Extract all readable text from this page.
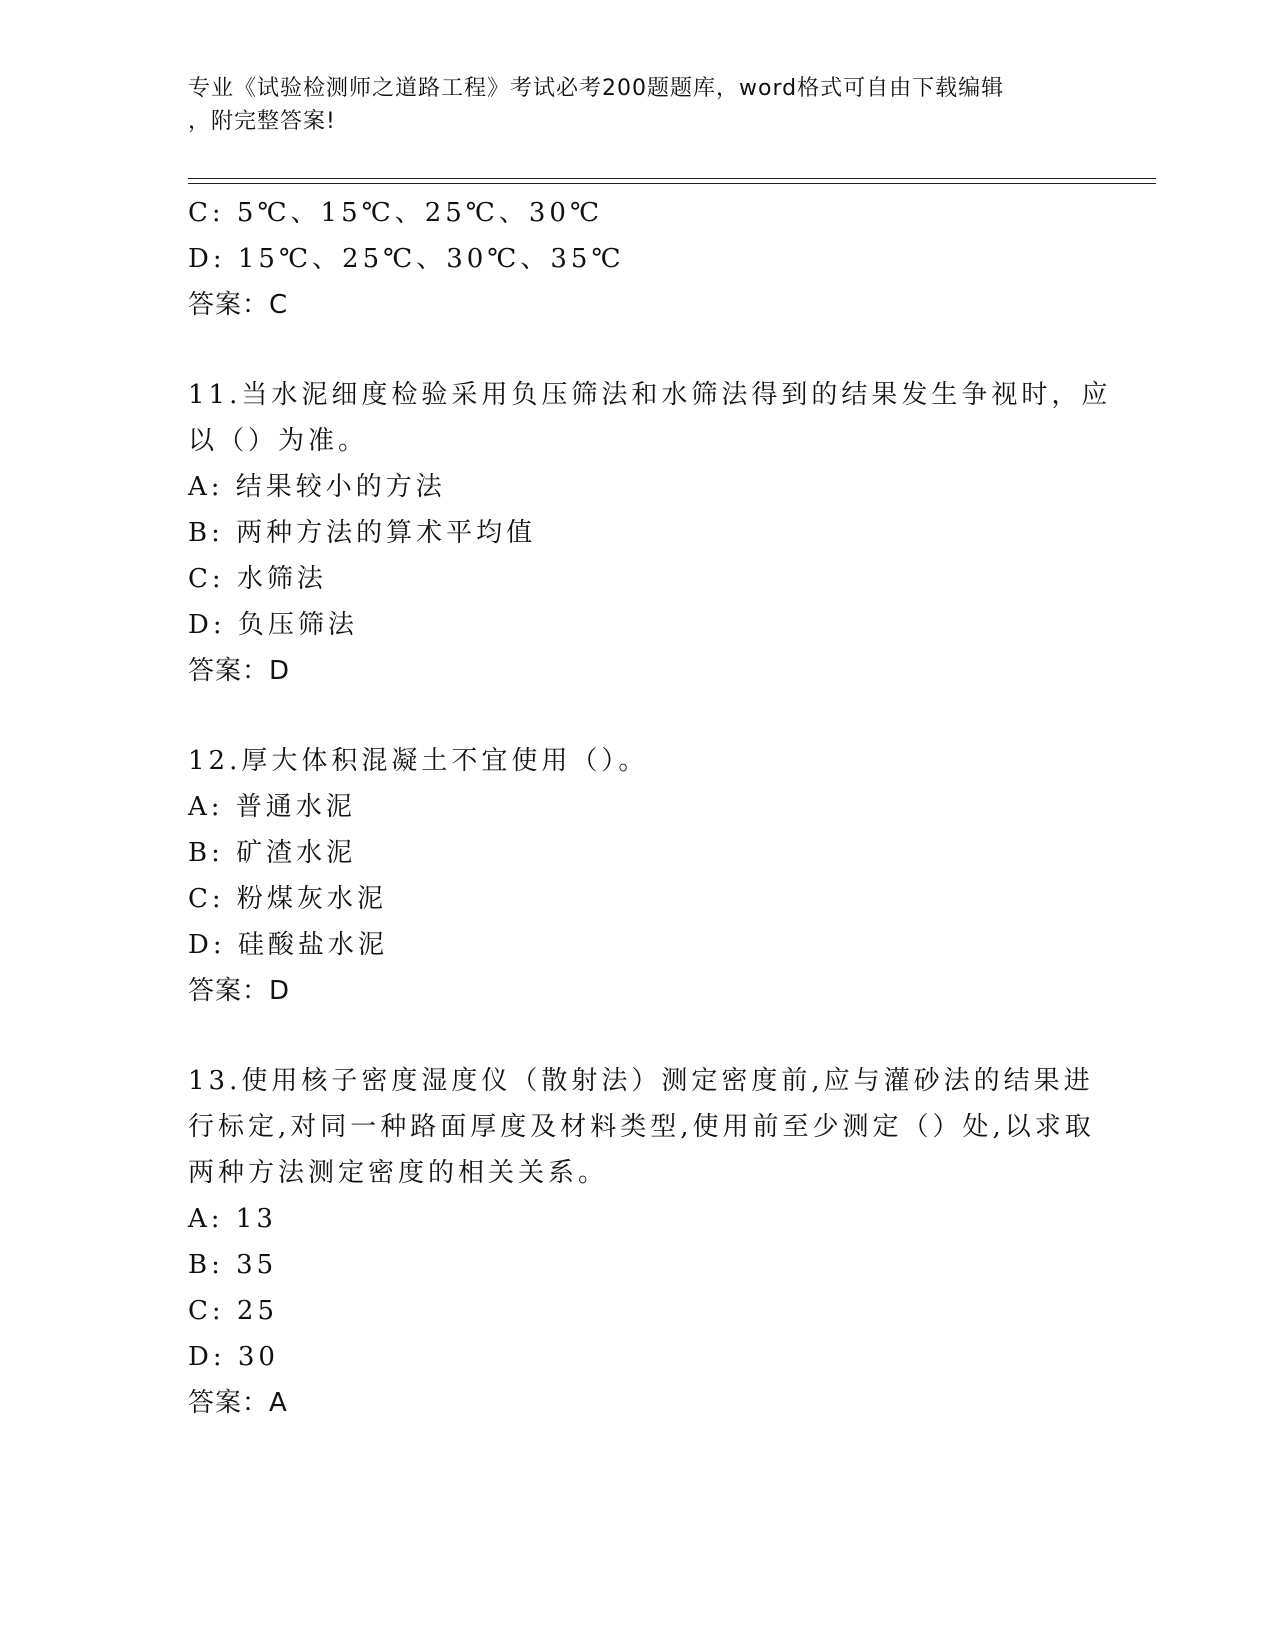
专业《试验检测师之道路工程》考试必考200题题库，word格式可自由下载编辑
，附完整答案!
C: 5℃、15℃、25℃、30℃
D: 15℃、25℃、30℃、35℃
答案：C
11.当水泥细度检验采用负压筛法和水筛法得到的结果发生争视时，应
以（）为准。
A: 结果较小的方法
B: 两种方法的算术平均值
C: 水筛法
D: 负压筛法
答案：D
12.厚大体积混凝土不宜使用（）。
A: 普通水泥
B: 矿渣水泥
C: 粉煤灰水泥
D: 硅酸盐水泥
答案：D
13.使用核子密度湿度仪（散射法）测定密度前,应与灌砂法的结果进
行标定,对同一种路面厚度及材料类型,使用前至少测定（）处,以求取
两种方法测定密度的相关关系。
A: 13
B: 35
C: 25
D: 30
答案：A
